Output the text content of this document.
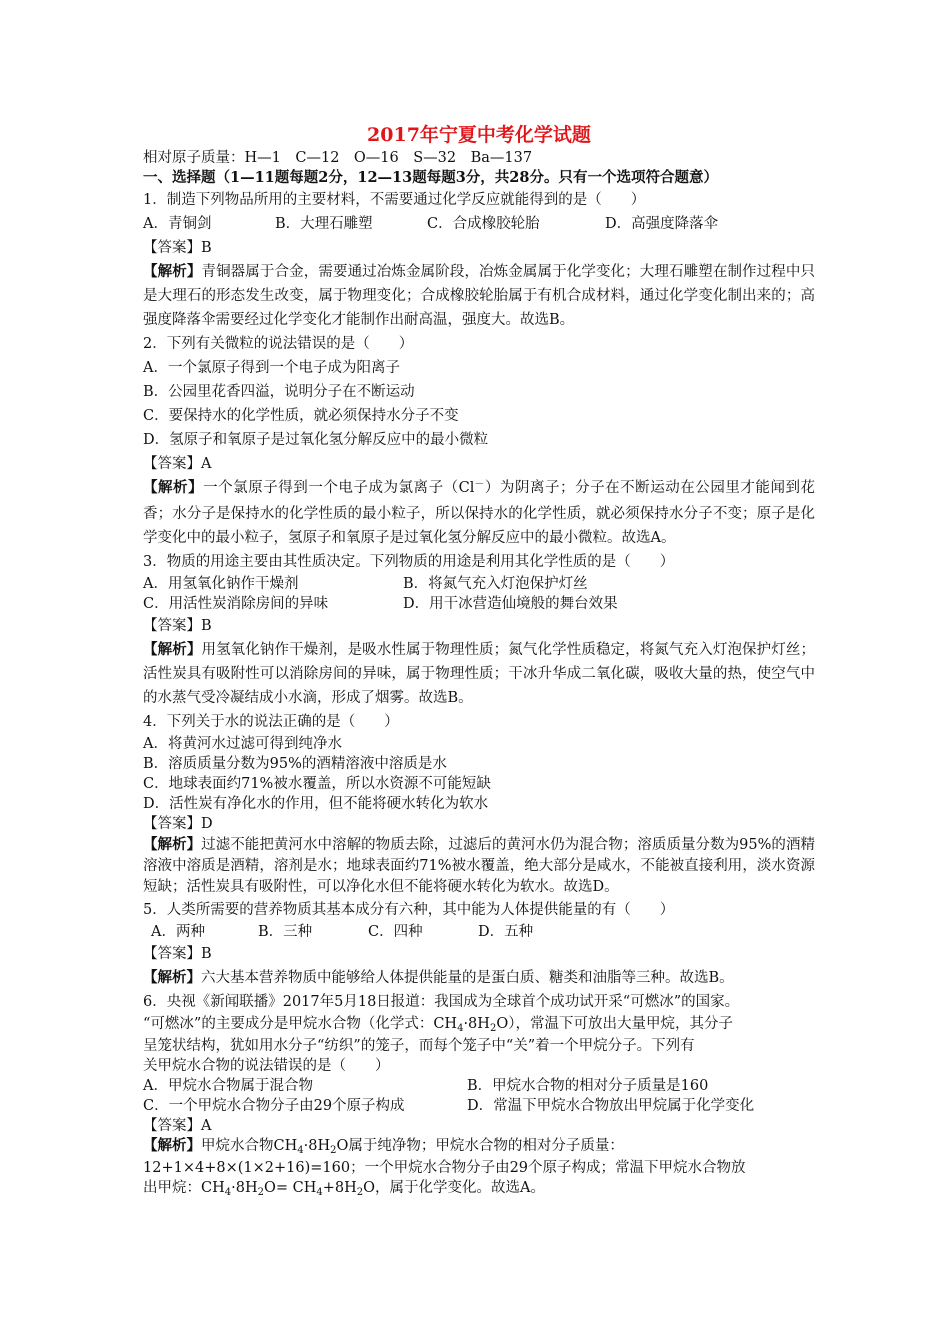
2017年宁夏中考化学试题
相对原子质量：H—1　C—12　O—16　S—32　Ba—137
一、选择题（1—11题每题2分，12—13题每题3分，共28分。只有一个选项符合题意）
1．制造下列物品所用的主要材料，不需要通过化学反应就能得到的是（　　）
A．青铜剑	B．大理石雕塑	C．合成橡胶轮胎	D．高强度降落伞
【答案】B
【解析】青铜器属于合金，需要通过冶炼金属阶段，冶炼金属属于化学变化；大理石雕塑在制作过程中只是大理石的形态发生改变，属于物理变化；合成橡胶轮胎属于有机合成材料，通过化学变化制出来的；高强度降落伞需要经过化学变化才能制作出耐高温，强度大。故选B。
2．下列有关微粒的说法错误的是（　　）
A．一个氯原子得到一个电子成为阳离子
B．公园里花香四溢，说明分子在不断运动
C．要保持水的化学性质，就必须保持水分子不变
D．氢原子和氧原子是过氧化氢分解反应中的最小微粒
【答案】A
【解析】一个氯原子得到一个电子成为氯离子（Cl－）为阴离子；分子在不断运动在公园里才能闻到花香；水分子是保持水的化学性质的最小粒子，所以保持水的化学性质，就必须保持水分子不变；原子是化学变化中的最小粒子，氢原子和氧原子是过氧化氢分解反应中的最小微粒。故选A。
3．物质的用途主要由其性质决定。下列物质的用途是利用其化学性质的是（　　）
A．用氢氧化钠作干燥剂	B．将氮气充入灯泡保护灯丝
C．用活性炭消除房间的异味	D．用干冰营造仙境般的舞台效果
【答案】B
【解析】用氢氧化钠作干燥剂，是吸水性属于物理性质；氮气化学性质稳定，将氮气充入灯泡保护灯丝；活性炭具有吸附性可以消除房间的异味，属于物理性质；干冰升华成二氧化碳，吸收大量的热，使空气中的水蒸气受冷凝结成小水滴，形成了烟雾。故选B。
4．下列关于水的说法正确的是（　　）
A．将黄河水过滤可得到纯净水
B．溶质质量分数为95%的酒精溶液中溶质是水
C．地球表面约71%被水覆盖，所以水资源不可能短缺
D．活性炭有净化水的作用，但不能将硬水转化为软水
【答案】D
【解析】过滤不能把黄河水中溶解的物质去除，过滤后的黄河水仍为混合物；溶质质量分数为95%的酒精溶液中溶质是酒精，溶剂是水；地球表面约71%被水覆盖，绝大部分是咸水，不能被直接利用，淡水资源短缺；活性炭具有吸附性，可以净化水但不能将硬水转化为软水。故选D。
5．人类所需要的营养物质其基本成分有六种，其中能为人体提供能量的有（　　）
A．两种	B．三种	C．四种	D．五种
【答案】B
【解析】六大基本营养物质中能够给人体提供能量的是蛋白质、糖类和油脂等三种。故选B。
6．央视《新闻联播》2017年5月18日报道：我国成为全球首个成功试开采“可燃冰”的国家。
“可燃冰”的主要成分是甲烷水合物（化学式：$CH_4\cdot 8H_2O$），常温下可放出大量甲烷，其分子
呈笼状结构，犹如用水分子“纺织”的笼子，而每个笼子中“关”着一个甲烷分子。下列有
关甲烷水合物的说法错误的是（　　）
A．甲烷水合物属于混合物	B．甲烷水合物的相对分子质量是160
C．一个甲烷水合物分子由29个原子构成	D．常温下甲烷水合物放出甲烷属于化学变化
【答案】A
【解析】甲烷水合物$CH_4\cdot 8H_2O$属于纯净物；甲烷水合物的相对分子质量：
12+1×4+8×(1×2+16)=160；一个甲烷水合物分子由29个原子构成；常温下甲烷水合物放
出甲烷：$CH_4\cdot 8H_2O= CH_4+8H_2O$，属于化学变化。故选A。
